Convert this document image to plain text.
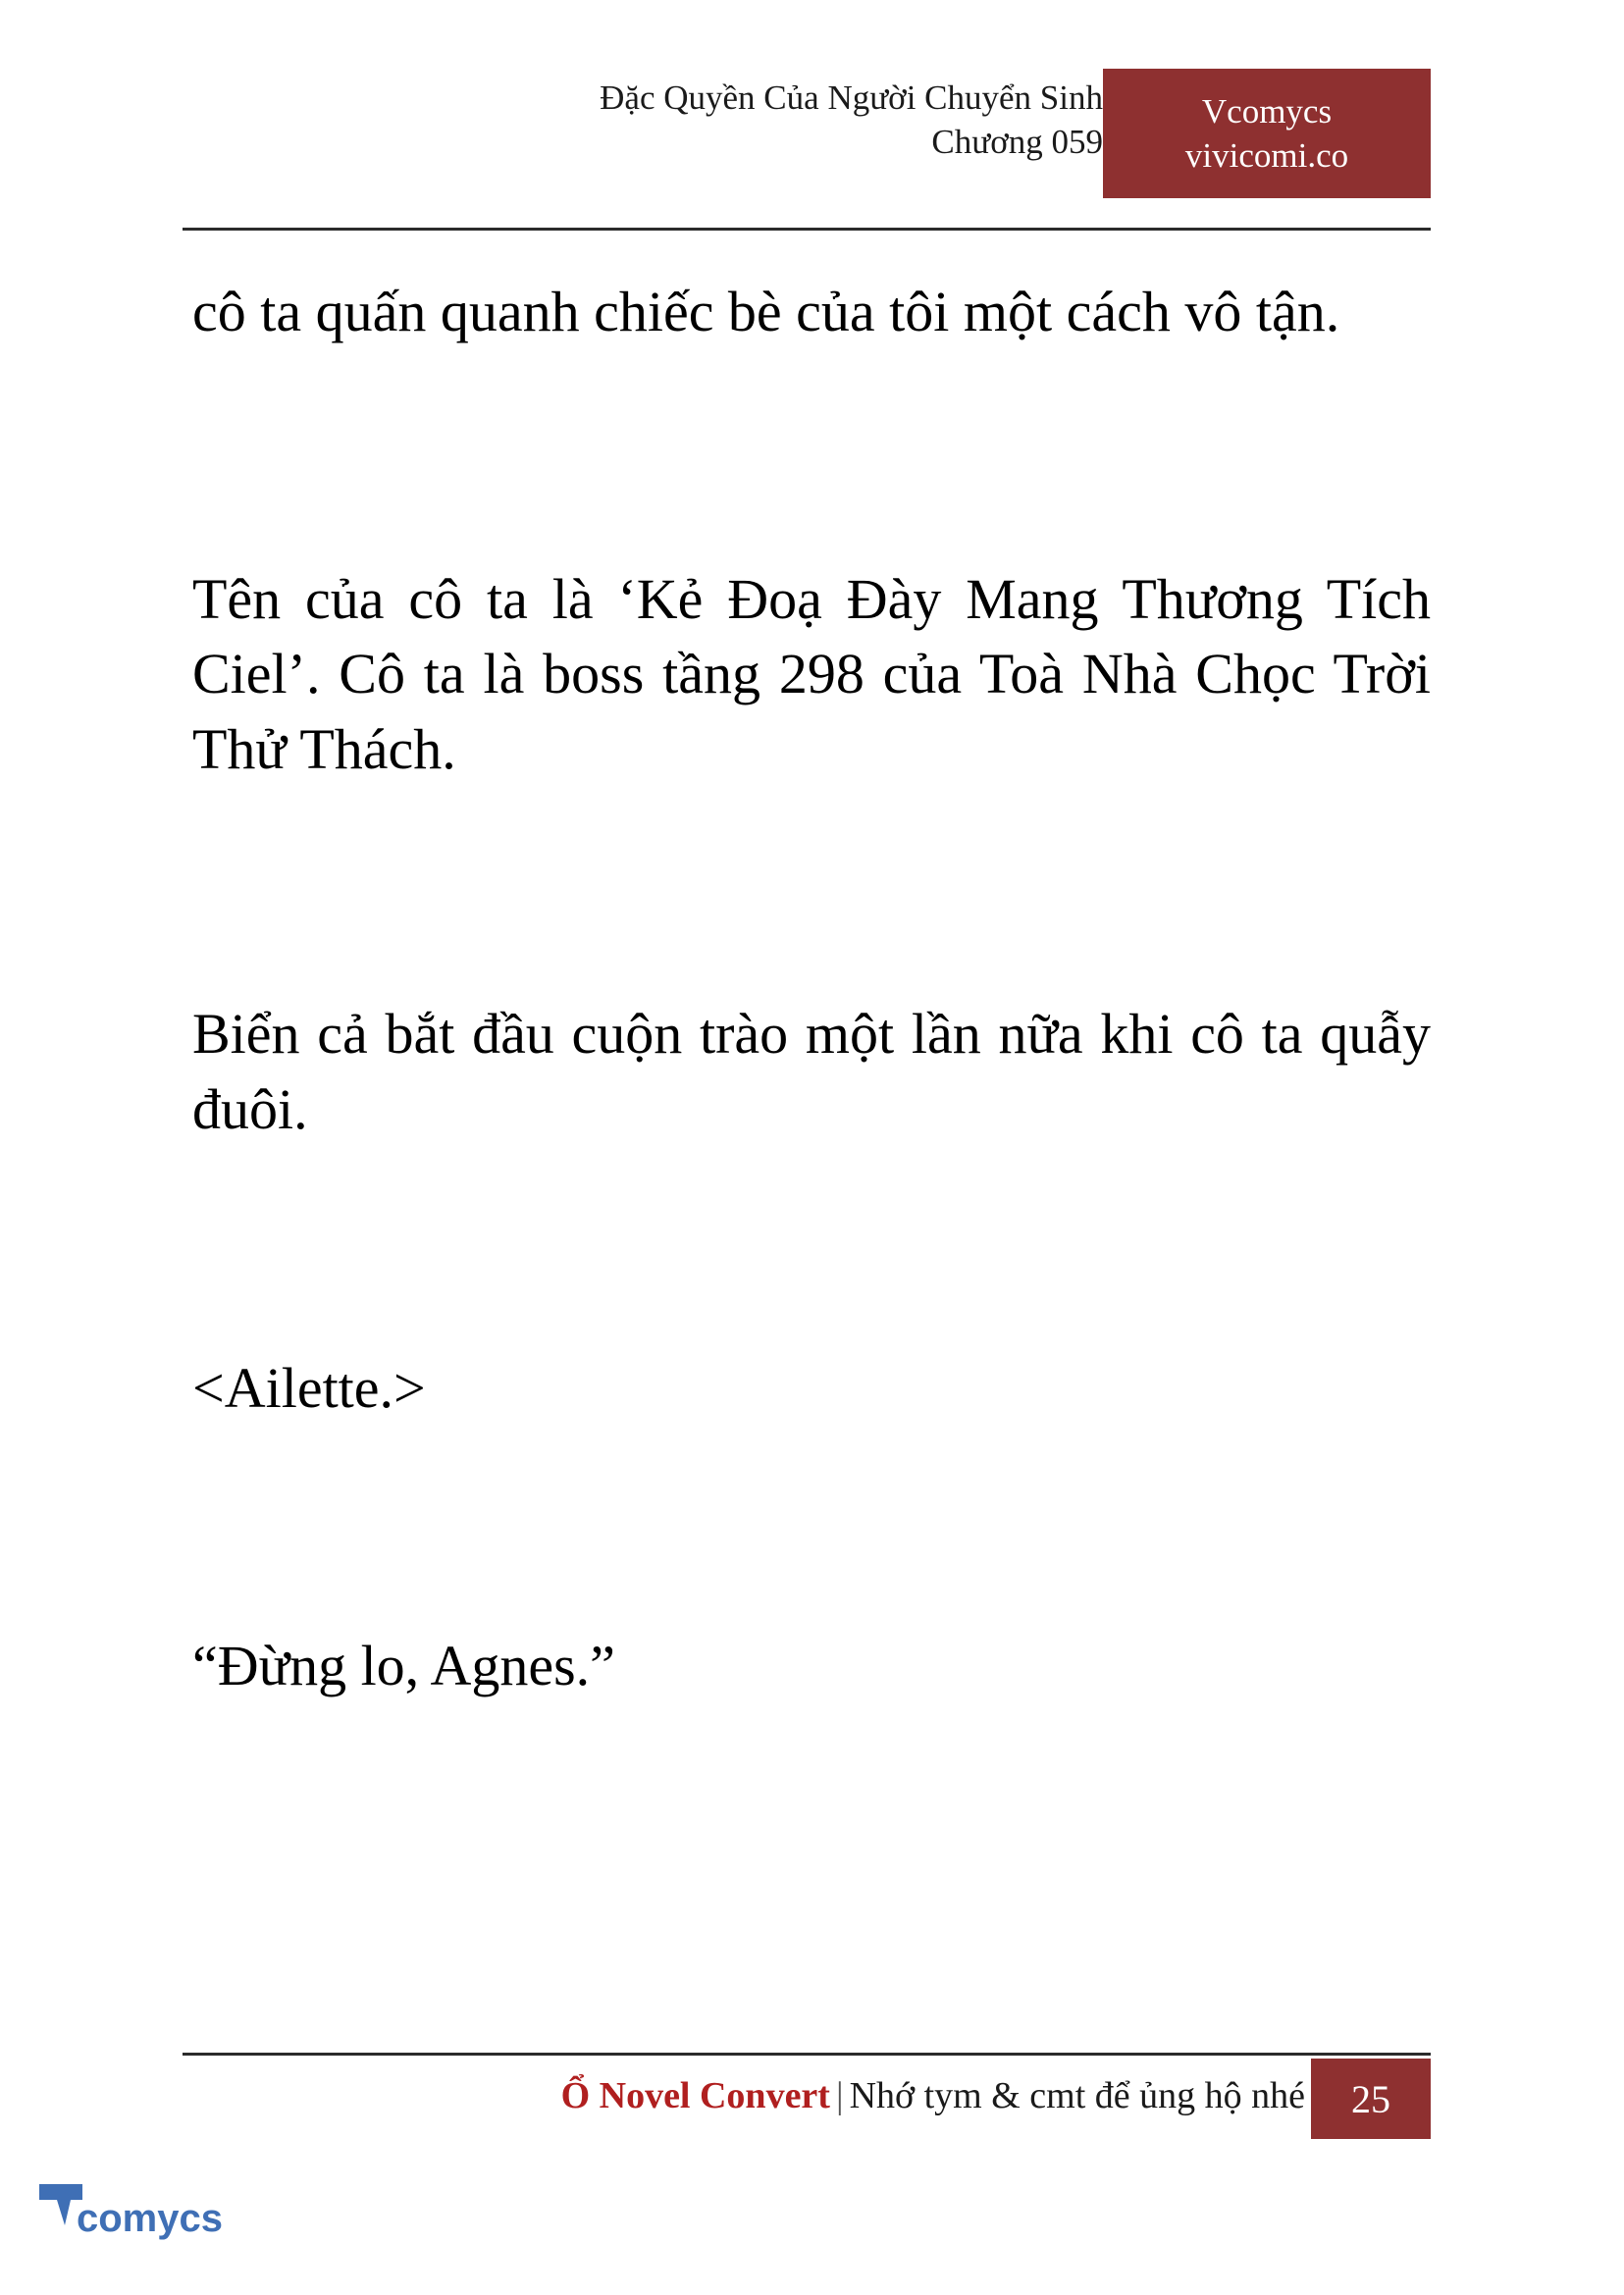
Đặc Quyền Của Người Chuyển Sinh
Chương 059
Vcomycs
vivicomi.co

cô ta quấn quanh chiếc bè của tôi một cách vô tận.

Tên của cô ta là ‘Kẻ Đoạ Đày Mang Thương Tích Ciel’. Cô ta là boss tầng 298 của Toà Nhà Chọc Trời Thử Thách.

Biển cả bắt đầu cuộn trào một lần nữa khi cô ta quẫy đuôi.

<Ailette.>

“Đừng lo, Agnes.”

Ổ Novel Convert | Nhớ tym & cmt để ủng hộ nhé	25
comycs
